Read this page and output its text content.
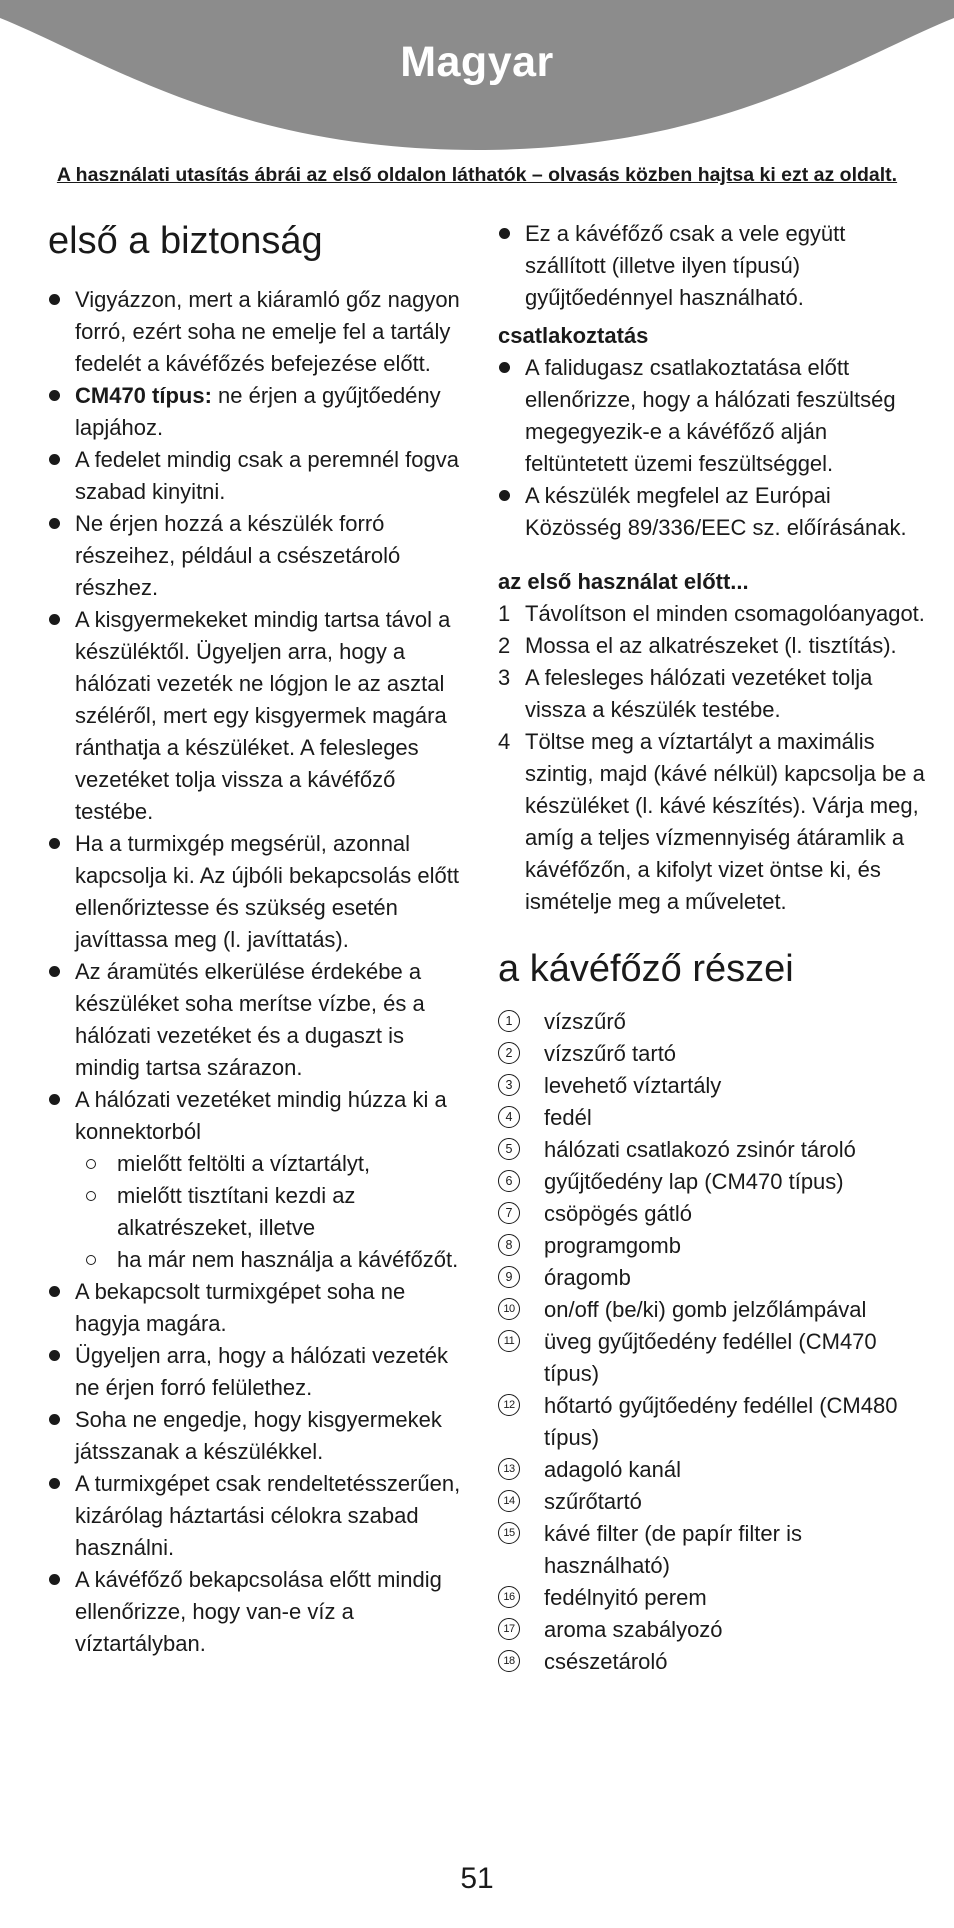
Magyar
A használati utasítás ábrái az első oldalon láthatók – olvasás közben hajtsa ki ezt az oldalt.
első a biztonság
Vigyázzon, mert a kiáramló gőz nagyon forró, ezért soha ne emelje fel a tartály fedelét a kávéfőzés befejezése előtt.
CM470 típus: ne érjen a gyűjtőedény lapjához.
A fedelet mindig csak a peremnél fogva szabad kinyitni.
Ne érjen hozzá a készülék forró részeihez, például a csészetároló részhez.
A kisgyermekeket mindig tartsa távol a készüléktől. Ügyeljen arra, hogy a hálózati vezeték ne lógjon le az asztal széléről, mert egy kisgyermek magára ránthatja a készüléket. A felesleges vezetéket tolja vissza a kávéfőző testébe.
Ha a turmixgép megsérül, azonnal kapcsolja ki. Az újbóli bekapcsolás előtt ellenőriztesse és szükség esetén javíttassa meg (l. javíttatás).
Az áramütés elkerülése érdekébe a készüléket soha merítse vízbe, és a hálózati vezetéket és a dugaszt is mindig tartsa szárazon.
A hálózati vezetéket mindig húzza ki a konnektorból
mielőtt feltölti a víztartályt,
mielőtt tisztítani kezdi az alkatrészeket, illetve
ha már nem használja a kávéfőzőt.
A bekapcsolt turmixgépet soha ne hagyja magára.
Ügyeljen arra, hogy a hálózati vezeték ne érjen forró felülethez.
Soha ne engedje, hogy kisgyermekek játsszanak a készülékkel.
A turmixgépet csak rendeltetésszerűen, kizárólag háztartási célokra szabad használni.
A kávéfőző bekapcsolása előtt mindig ellenőrizze, hogy van-e víz a víztartályban.
Ez a kávéfőző csak a vele együtt szállított (illetve ilyen típusú) gyűjtőedénnyel használható.

csatlakoztatás

A falidugasz csatlakoztatása előtt ellenőrizze, hogy a hálózati feszültség megegyezik-e a kávéfőző alján feltüntetett üzemi feszültséggel.
A készülék megfelel az Európai Közösség 89/336/EEC sz. előírásának.

az első használat előtt...

1 Távolítson el minden csomagolóanyagot.
2 Mossa el az alkatrészeket (l. tisztítás).
3 A felesleges hálózati vezetéket tolja vissza a készülék testébe.
4 Töltse meg a víztartályt a maximális szintig, majd (kávé nélkül) kapcsolja be a készüléket (l. kávé készítés). Várja meg, amíg a teljes vízmennyiség átáramlik a kávéfőzőn, a kifolyt vizet öntse ki, és ismételje meg a műveletet.
a kávéfőző részei
1	vízszűrő
2	vízszűrő tartó
3	levehető víztartály
4	fedél
5	hálózati csatlakozó zsinór tároló
6	gyűjtőedény lap (CM470 típus)
7	csöpögés gátló
8	programgomb
9	óragomb
10 on/off (be/ki) gomb jelzőlámpával
11 üveg gyűjtőedény fedéllel (CM470 típus)
12 hőtartó gyűjtőedény fedéllel (CM480 típus)
13 adagoló kanál
14 szűrőtartó
15 kávé filter (de papír filter is használható)
16 fedélnyitó perem
17 aroma szabályozó
18 csészetároló
51
